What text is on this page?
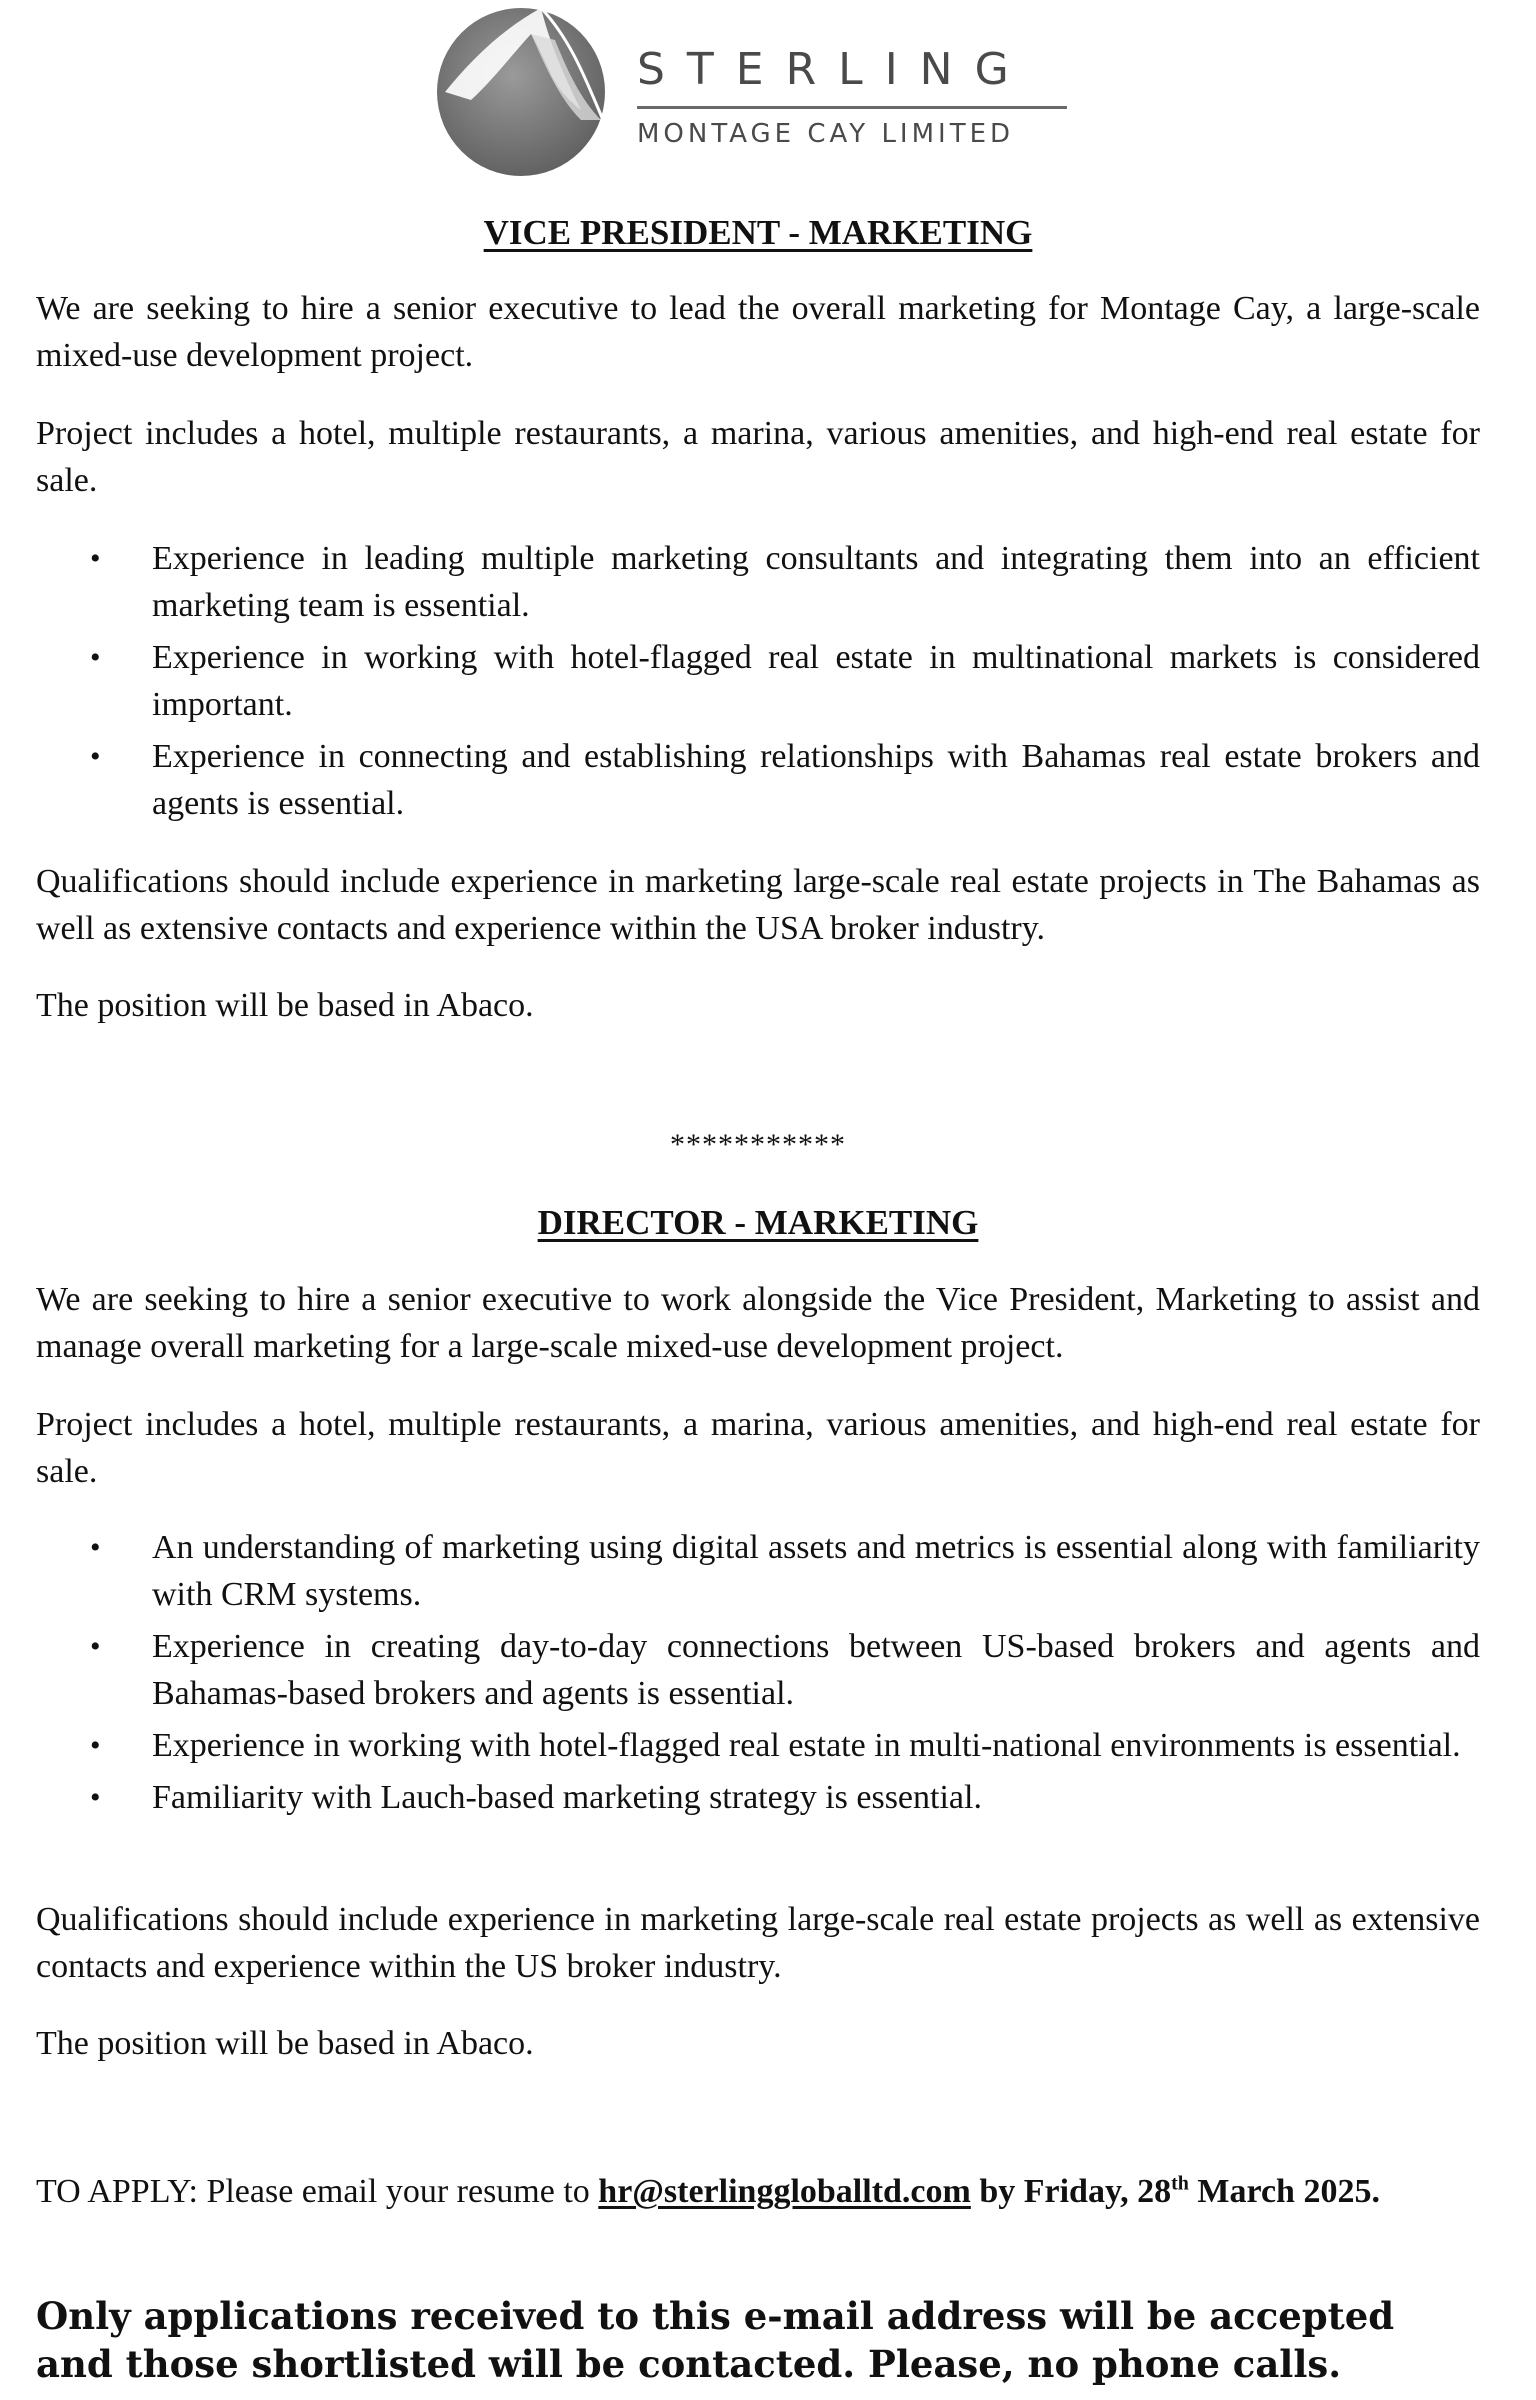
STERLING
MONTAGE CAY LIMITED
VICE PRESIDENT - MARKETING

We are seeking to hire a senior executive to lead the overall marketing for Montage Cay, a large-scale mixed-use development project.

Project includes a hotel, multiple restaurants, a marina, various amenities, and high-end real estate for sale.

• Experience in leading multiple marketing consultants and integrating them into an efficient marketing team is essential.
• Experience in working with hotel-flagged real estate in multinational markets is considered important.
• Experience in connecting and establishing relationships with Bahamas real estate brokers and agents is essential.

Qualifications should include experience in marketing large-scale real estate projects in The Bahamas as well as extensive contacts and experience within the USA broker industry.

The position will be based in Abaco.

***********
DIRECTOR - MARKETING

We are seeking to hire a senior executive to work alongside the Vice President, Marketing to assist and manage overall marketing for a large-scale mixed-use development project.

Project includes a hotel, multiple restaurants, a marina, various amenities, and high-end real estate for sale.

• An understanding of marketing using digital assets and metrics is essential along with familiarity with CRM systems.
• Experience in creating day-to-day connections between US-based brokers and agents and Bahamas-based brokers and agents is essential.
• Experience in working with hotel-flagged real estate in multi-national environments is essential.
• Familiarity with Lauch-based marketing strategy is essential.

Qualifications should include experience in marketing large-scale real estate projects as well as extensive contacts and experience within the US broker industry.

The position will be based in Abaco.

TO APPLY: Please email your resume to hr@sterlinggloballtd.com by Friday, 28th March 2025.

Only applications received to this e-mail address will be accepted and those shortlisted will be contacted. Please, no phone calls.
